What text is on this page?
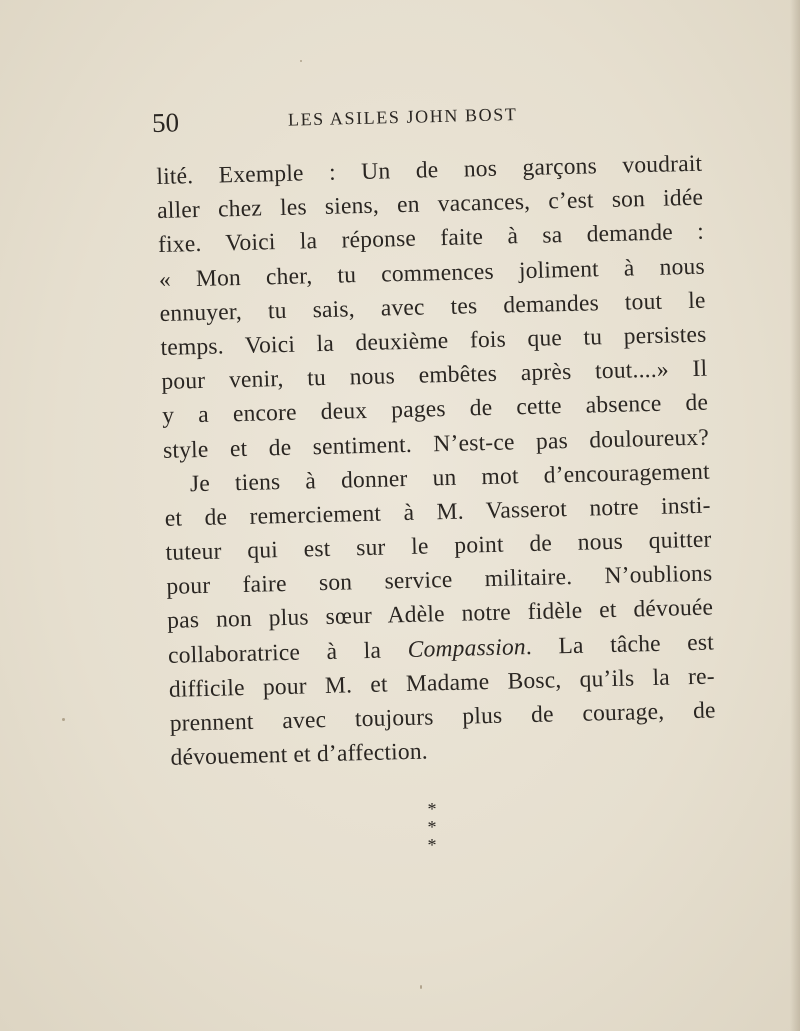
50	LES ASILES JOHN BOST
lité. Exemple : Un de nos garçons voudrait
aller chez les siens, en vacances, c’est son idée
fixe. Voici la réponse faite à sa demande :
« Mon cher, tu commences joliment à nous
ennuyer, tu sais, avec tes demandes tout le
temps. Voici la deuxième fois que tu persistes
pour venir, tu nous embêtes après tout....» Il
y a encore deux pages de cette absence de
style et de sentiment. N’est-ce pas douloureux?
Je tiens à donner un mot d’encouragement
et de remerciement à M. Vasserot notre insti-
tuteur qui est sur le point de nous quitter
pour faire son service militaire. N’oublions
pas non plus sœur Adèle notre fidèle et dévouée
collaboratrice à la Compassion. La tâche est
difficile pour M. et Madame Bosc, qu’ils la re-
prennent avec toujours plus de courage, de
dévouement et d’affection.
*
* *
